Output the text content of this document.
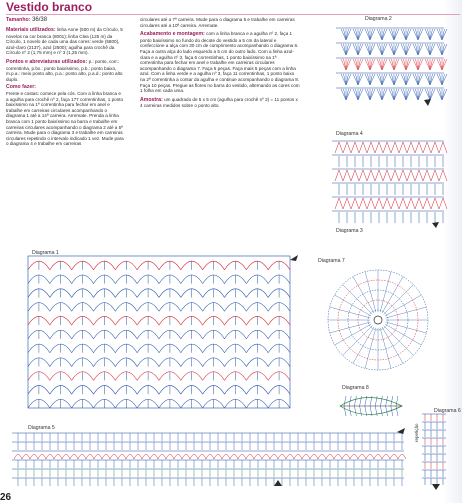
Vestido branco
Tamanho: 36/38
Materiais utilizados: linha Anne (500 m) da Círculo, 5 novelos na cor branca (8001); linha Clea (125 m) da Círculo, 1 novelo de cada uma das cores: verde (5800), azul-claro (2137), azul (2500); agulha para crochê da Círculo nº 2 (1,75 mm) e nº 3 (1,25 mm).
Pontos e abreviaturas utilizados: p.: ponto, corr.: correntinha, p.bx.: ponto baixíssimo, p.b.: ponto baixo, m.p.a.: meio ponto alto, p.a.: ponto alto, p.a.d.: ponto alto duplo.
Como fazer:
Frente e costas: comece pela cós. Com a linha branca e a agulha para crochê nº 2, faça 177 correntinhas, 1 ponto baixíssimo na 1ª correntinha para fechar em anel e trabalhe em carreiras circulares acompanhando o diagrama 1 até a 14ª carreira. Arremate. Prenda a linha branca com 1 ponto baixíssimo na barra e trabalhe em carreiras circulares acompanhando o diagrama 2 até a 5ª carreira. Mude para o diagrama 3 e trabalhe em carreiras circulares repetindo o intervalo indicado 1 vez. Mude para o diagrama 4 e trabalhe em carreiras
circulares até a 7ª carreira. Mude para o diagrama 5 e trabalhe em carreiras circulares até a 10ª carreira. Arremate.
Acabamento e montagem: com a linha branca e a agulha nº 2, faça 1 ponto baixíssimo no fundo do decote do vestido a 5 cm da lateral e confeccione a alça com 30 cm de comprimento acompanhando o diagrama 6. Faça a outra alça do lado esquerdo a 5 cm do outro lado. Com a linha azul-clara e a agulha nº 3, faça 6 correntinhas, 1 ponto baixíssimo na 1ª correntinha para fechar em anel e trabalhe em carreiras circulares acompanhando o diagrama 7. Faça 5 peças. Faça mais 5 peças com a linha azul. Com a linha verde e a agulha nº 3, faça 11 correntinhas, 1 ponto baixo na 2ª correntinha a contar da agulha e continue acompanhando o diagrama 8. Faça 10 peças. Pregue as flores no barra do vestido, alternando as cores com 1 folha em cada uma.
Amostra: um quadrado de 5 x 5 cm (agulha para crochê nº 2) = 11 pontos x 4 carreiras medidos sobre o ponto alto.
Diagrama 1
Diagrama 2
Diagrama 4
Diagrama 3
Diagrama 5
Diagrama 6
Diagrama 7
Diagrama 8
repetição
26
